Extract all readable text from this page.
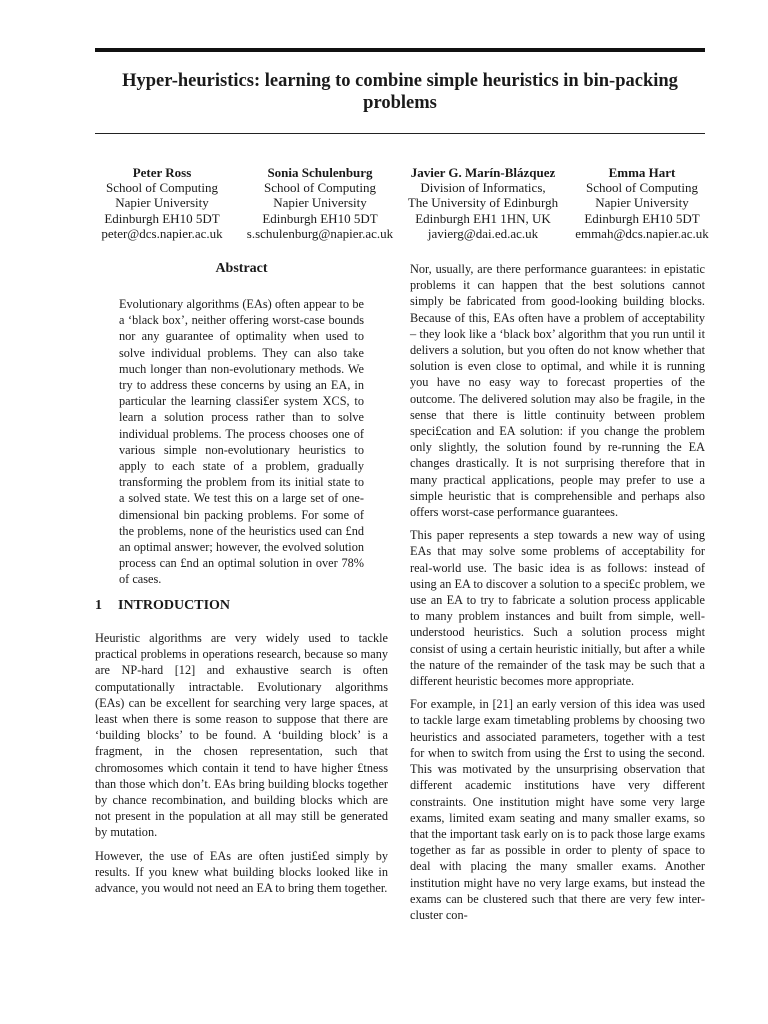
Hyper-heuristics: learning to combine simple heuristics in bin-packing problems
Peter Ross
School of Computing
Napier University
Edinburgh EH10 5DT
peter@dcs.napier.ac.uk
Sonia Schulenburg
School of Computing
Napier University
Edinburgh EH10 5DT
s.schulenburg@napier.ac.uk
Javier G. Marín-Blázquez
Division of Informatics,
The University of Edinburgh
Edinburgh EH1 1HN, UK
javierg@dai.ed.ac.uk
Emma Hart
School of Computing
Napier University
Edinburgh EH10 5DT
emmah@dcs.napier.ac.uk
Abstract
Evolutionary algorithms (EAs) often appear to be a ‘black box’, neither offering worst-case bounds nor any guarantee of optimality when used to solve individual problems. They can also take much longer than non-evolutionary methods. We try to address these concerns by using an EA, in particular the learning classi£er system XCS, to learn a solution process rather than to solve individual problems. The process chooses one of various simple non-evolutionary heuristics to apply to each state of a problem, gradually transforming the problem from its initial state to a solved state. We test this on a large set of one-dimensional bin packing problems. For some of the problems, none of the heuristics used can £nd an optimal answer; however, the evolved solution process can £nd an optimal solution in over 78% of cases.
1 INTRODUCTION

Heuristic algorithms are very widely used to tackle practical problems in operations research, because so many are NP-hard [12] and exhaustive search is often computationally intractable. Evolutionary algorithms (EAs) can be excellent for searching very large spaces, at least when there is some reason to suppose that there are ‘building blocks’ to be found. A ‘building block’ is a fragment, in the chosen representation, such that chromosomes which contain it tend to have higher £tness than those which don’t. EAs bring building blocks together by chance recombination, and building blocks which are not present in the population at all may still be generated by mutation.

However, the use of EAs are often justi£ed simply by results. If you knew what building blocks looked like in advance, you would not need an EA to bring them together.

Nor, usually, are there performance guarantees: in epistatic problems it can happen that the best solutions cannot simply be fabricated from good-looking building blocks. Because of this, EAs often have a problem of acceptability – they look like a ‘black box’ algorithm that you run until it delivers a solution, but you often do not know whether that solution is even close to optimal, and while it is running you have no easy way to forecast properties of the outcome. The delivered solution may also be fragile, in the sense that there is little continuity between problem speci£cation and EA solution: if you change the problem only slightly, the solution found by re-running the EA changes drastically. It is not surprising therefore that in many practical applications, people may prefer to use a simple heuristic that is comprehensible and perhaps also offers worst-case performance guarantees.

This paper represents a step towards a new way of using EAs that may solve some problems of acceptability for real-world use. The basic idea is as follows: instead of using an EA to discover a solution to a speci£c problem, we use an EA to try to fabricate a solution process applicable to many problem instances and built from simple, well-understood heuristics. Such a solution process might consist of using a certain heuristic initially, but after a while the nature of the remainder of the task may be such that a different heuristic becomes more appropriate.

For example, in [21] an early version of this idea was used to tackle large exam timetabling problems by choosing two heuristics and associated parameters, together with a test for when to switch from using the £rst to using the second. This was motivated by the unsurprising observation that different academic institutions have very different constraints. One institution might have some very large exams, limited exam seating and many smaller exams, so that the important task early on is to pack those large exams together as far as possible in order to plenty of space to deal with placing the many smaller exams. Another institution might have no very large exams, but instead the exams can be clustered such that there are very few inter-cluster con-
